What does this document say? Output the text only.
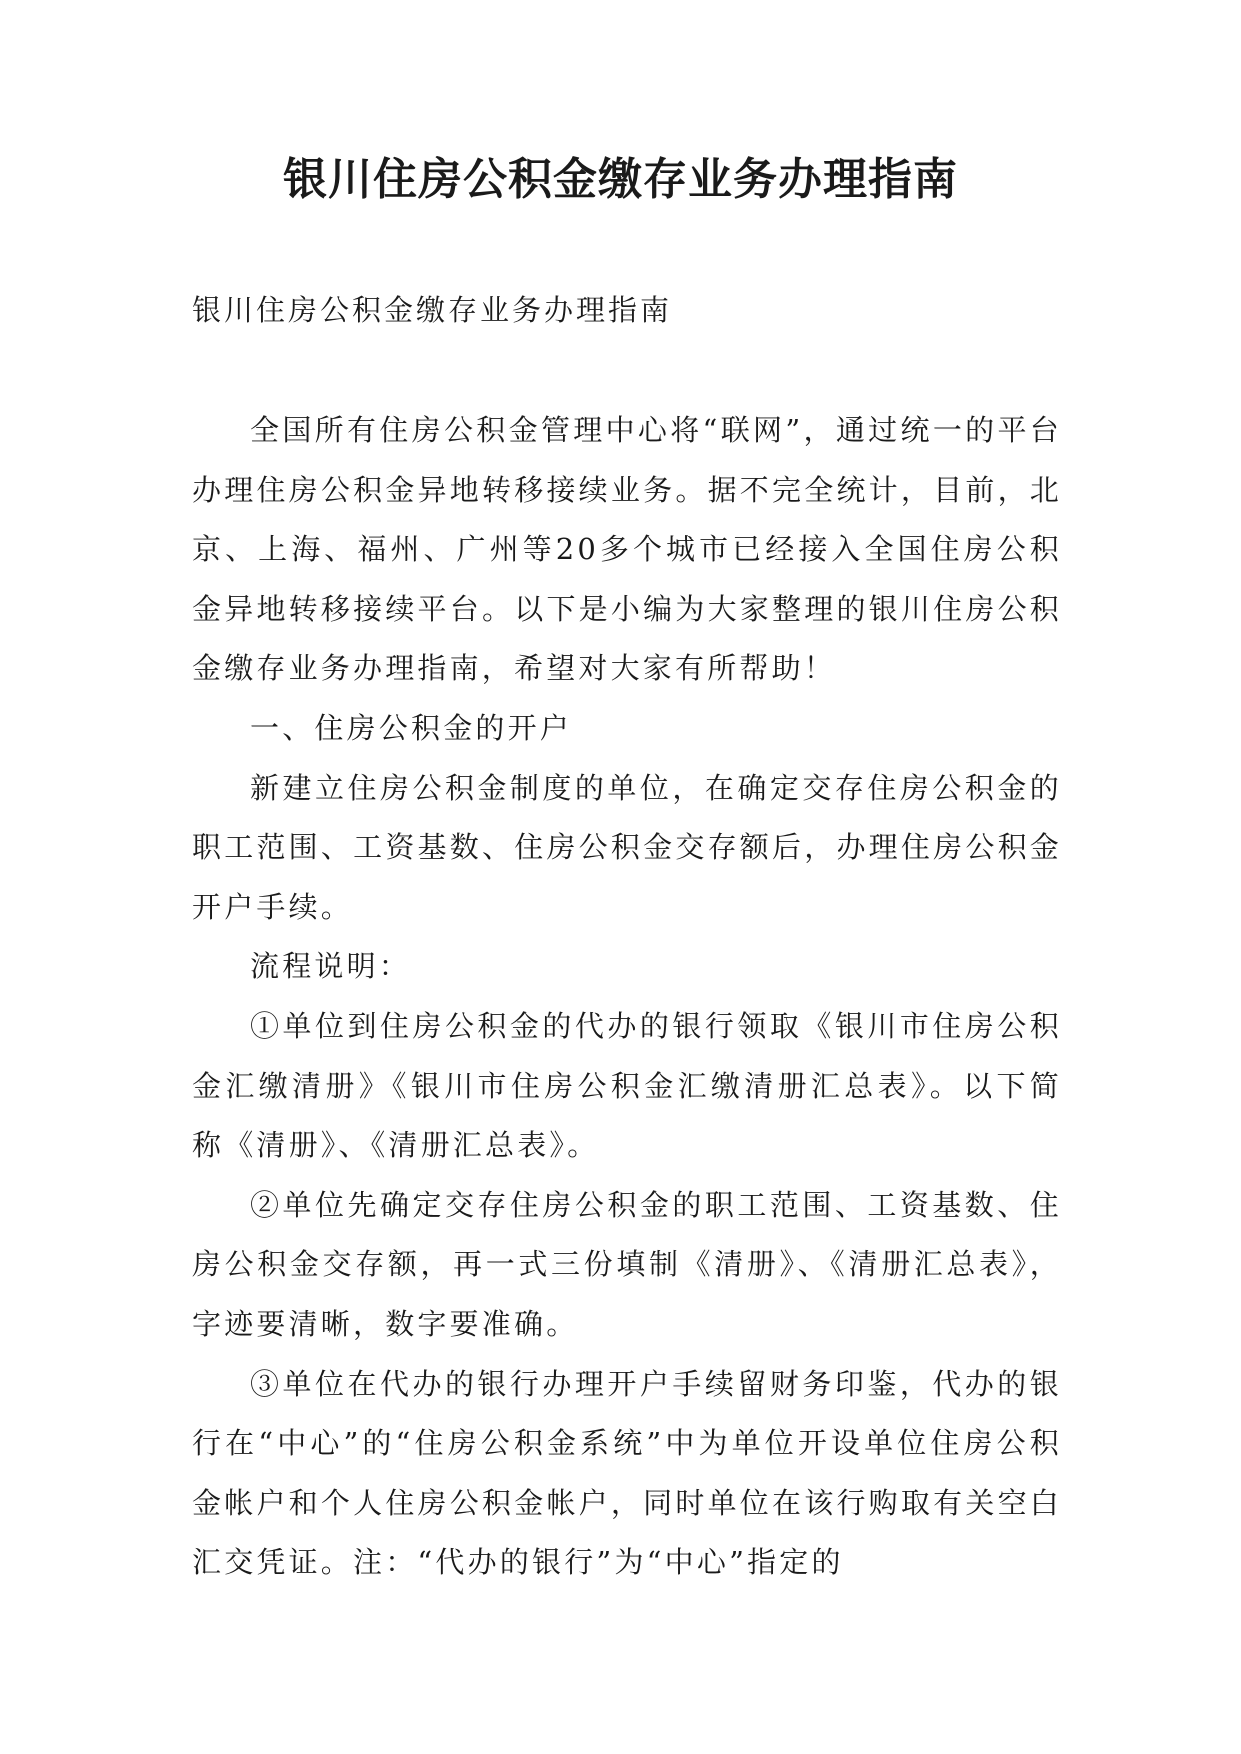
银川住房公积金缴存业务办理指南
银川住房公积金缴存业务办理指南

全国所有住房公积金管理中心将“联网”，通过统一的平台办理住房公积金异地转移接续业务。据不完全统计，目前，北京、上海、福州、广州等20多个城市已经接入全国住房公积金异地转移接续平台。以下是小编为大家整理的银川住房公积金缴存业务办理指南，希望对大家有所帮助！

一、住房公积金的开户

新建立住房公积金制度的单位，在确定交存住房公积金的职工范围、工资基数、住房公积金交存额后，办理住房公积金开户手续。

流程说明：

①单位到住房公积金的代办的银行领取《银川市住房公积金汇缴清册》《银川市住房公积金汇缴清册汇总表》。以下简称《清册》、《清册汇总表》。

②单位先确定交存住房公积金的职工范围、工资基数、住房公积金交存额，再一式三份填制《清册》、《清册汇总表》，字迹要清晰，数字要准确。

③单位在代办的银行办理开户手续留财务印鉴，代办的银行在“中心”的“住房公积金系统”中为单位开设单位住房公积金帐户和个人住房公积金帐户，同时单位在该行购取有关空白汇交凭证。注：“代办的银行”为“中心”指定的
